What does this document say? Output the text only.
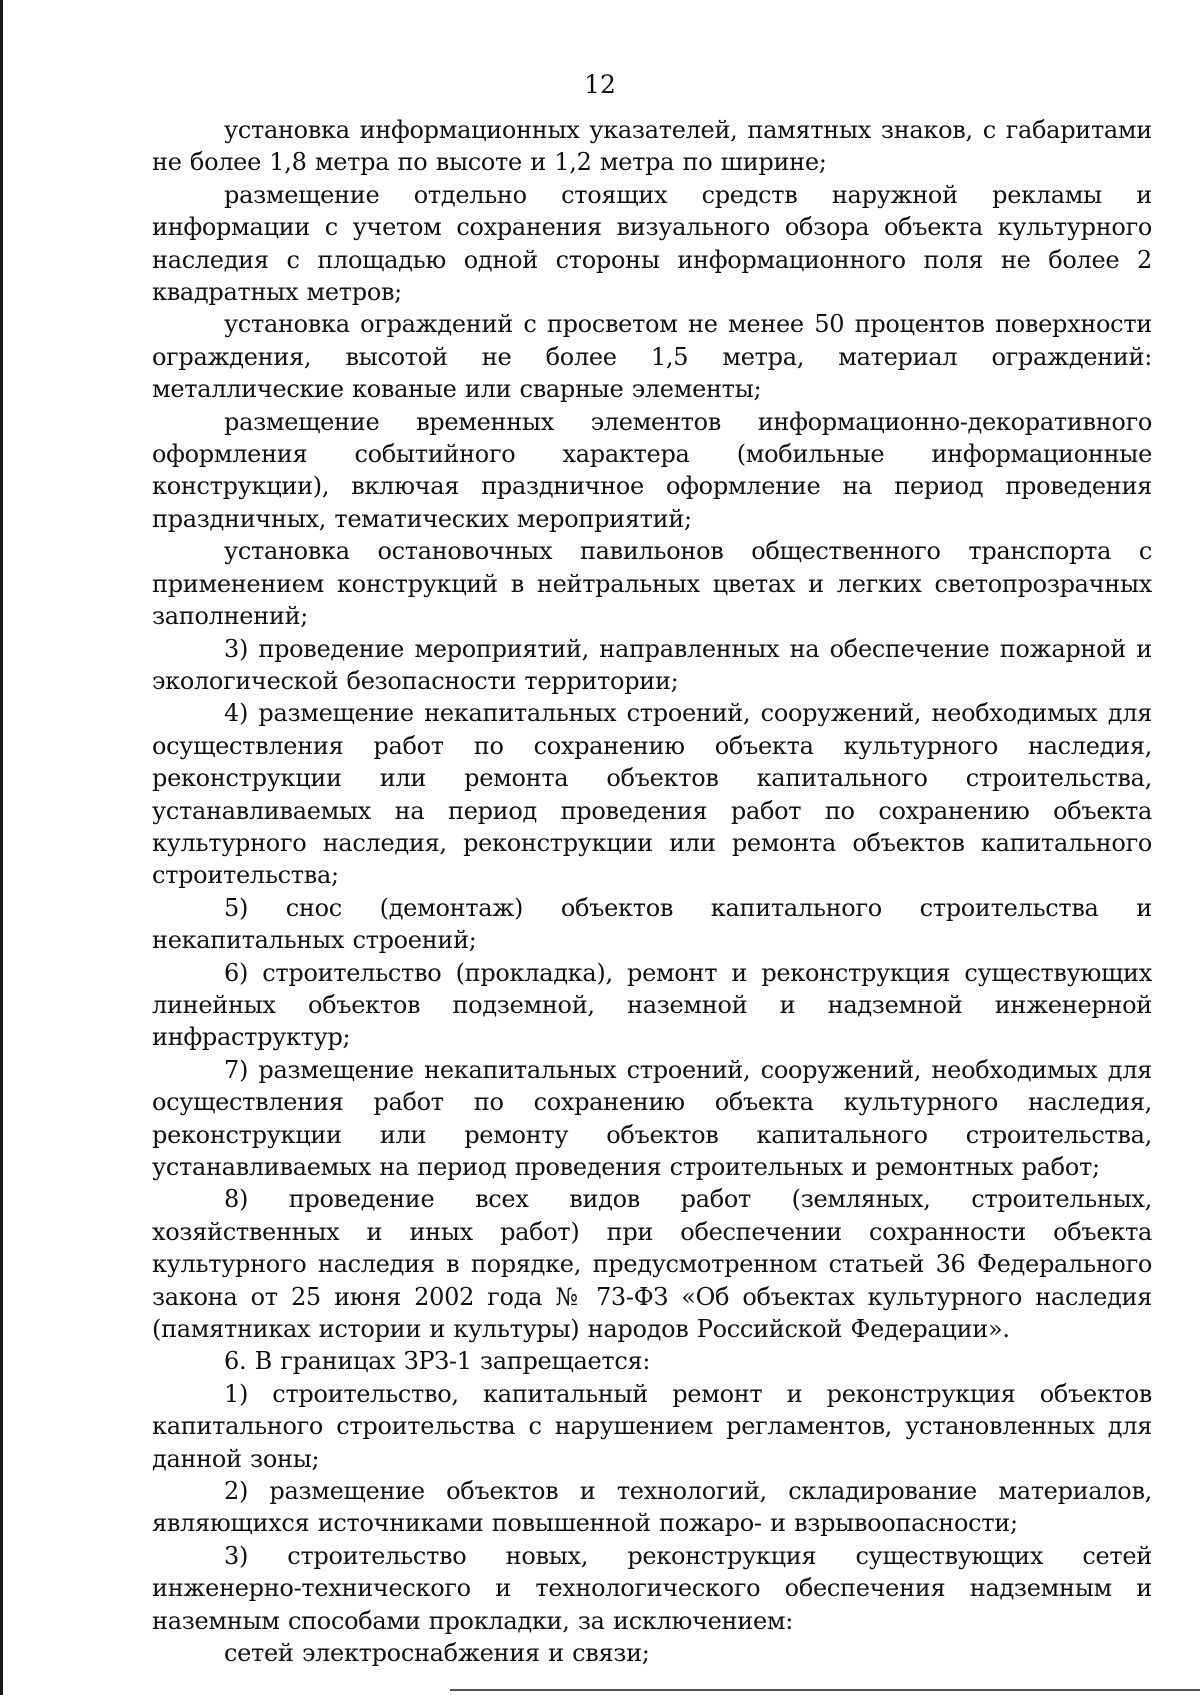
12

установка информационных указателей, памятных знаков, с габаритами не более 1,8 метра по высоте и 1,2 метра по ширине;

размещение отдельно стоящих средств наружной рекламы и информации с учетом сохранения визуального обзора объекта культурного наследия с площадью одной стороны информационного поля не более 2 квадратных метров;

установка ограждений с просветом не менее 50 процентов поверхности ограждения, высотой не более 1,5 метра, материал ограждений: металлические кованые или сварные элементы;

размещение временных элементов информационно-декоративного оформления событийного характера (мобильные информационные конструкции), включая праздничное оформление на период проведения праздничных, тематических мероприятий;

установка остановочных павильонов общественного транспорта с применением конструкций в нейтральных цветах и легких светопрозрачных заполнений;

3) проведение мероприятий, направленных на обеспечение пожарной и экологической безопасности территории;

4) размещение некапитальных строений, сооружений, необходимых для осуществления работ по сохранению объекта культурного наследия, реконструкции или ремонта объектов капитального строительства, устанавливаемых на период проведения работ по сохранению объекта культурного наследия, реконструкции или ремонта объектов капитального строительства;

5) снос (демонтаж) объектов капитального строительства и некапитальных строений;

6) строительство (прокладка), ремонт и реконструкция существующих линейных объектов подземной, наземной и надземной инженерной инфраструктур;

7) размещение некапитальных строений, сооружений, необходимых для осуществления работ по сохранению объекта культурного наследия, реконструкции или ремонту объектов капитального строительства, устанавливаемых на период проведения строительных и ремонтных работ;

8) проведение всех видов работ (земляных, строительных, хозяйственных и иных работ) при обеспечении сохранности объекта культурного наследия в порядке, предусмотренном статьей 36 Федерального закона от 25 июня 2002 года № 73-ФЗ «Об объектах культурного наследия (памятниках истории и культуры) народов Российской Федерации».

6. В границах ЗРЗ-1 запрещается:

1) строительство, капитальный ремонт и реконструкция объектов капитального строительства с нарушением регламентов, установленных для данной зоны;

2) размещение объектов и технологий, складирование материалов, являющихся источниками повышенной пожаро- и взрывоопасности;

3) строительство новых, реконструкция существующих сетей инженерно-технического и технологического обеспечения надземным и наземным способами прокладки, за исключением:

сетей электроснабжения и связи;
